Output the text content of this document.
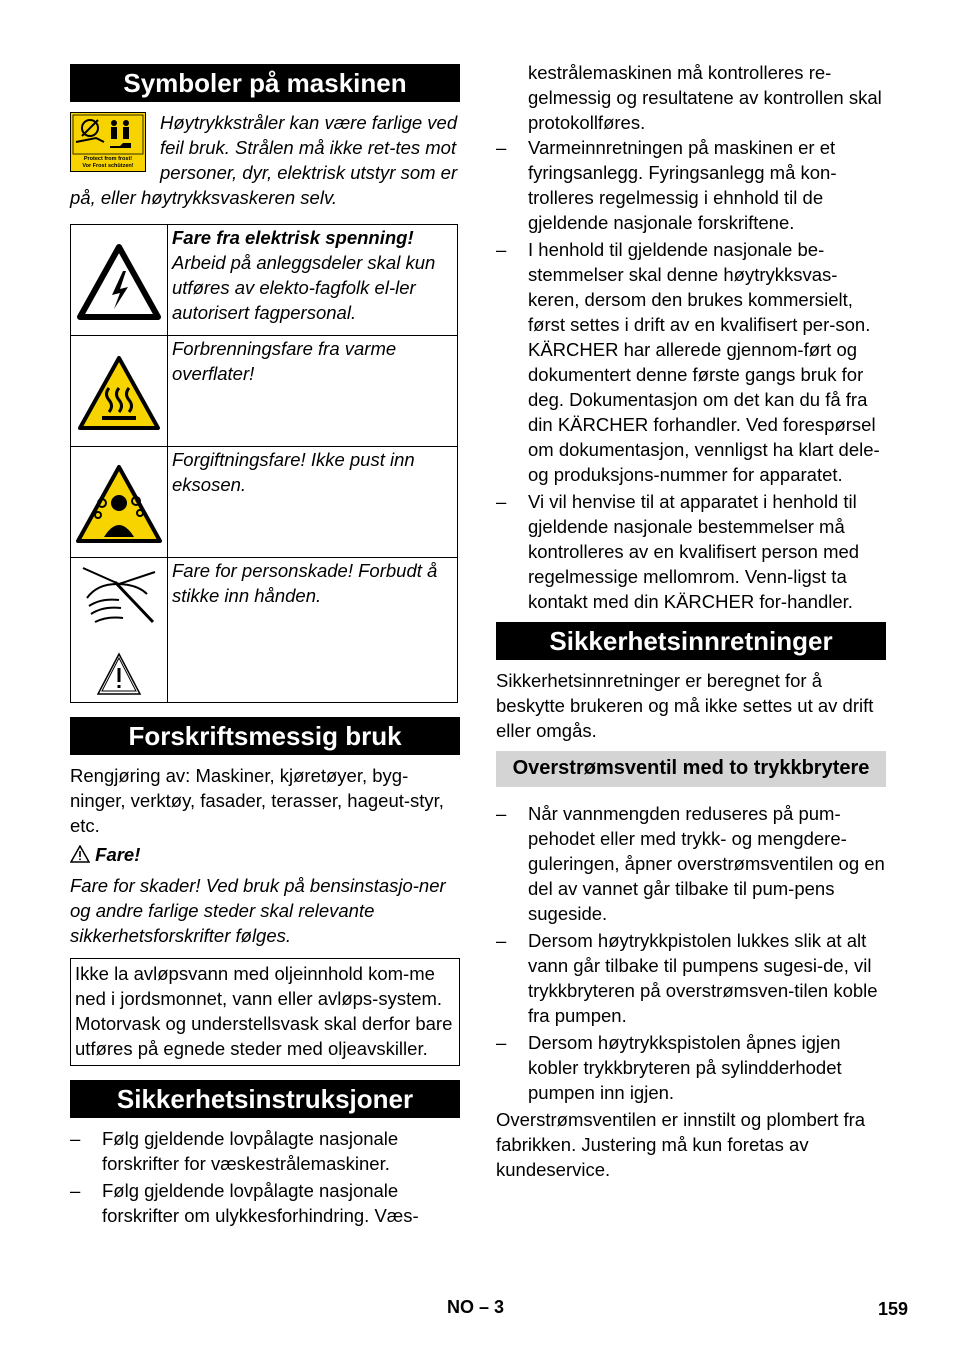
Symboler på maskinen
Protect from frost!
Vor Frost schützen!

Høytrykkstråler kan være farlige ved feil bruk. Strålen må ikke ret-tes mot personer, dyr, elektrisk utstyr som er på, eller høytrykksvaskeren selv.

Fare fra elektrisk spenning!

Arbeid på anleggsdeler skal kun utføres av elekto-fagfolk el-ler autorisert fagpersonal.

Forbrenningsfare fra varme overflater!

Forgiftningsfare! Ikke pust inn eksosen.

Fare for personskade! Forbudt å stikke inn hånden.

Forskriftsmessig bruk

Rengjøring av: Maskiner, kjøretøyer, byg-ninger, verktøy, fasader, terasser, hageut-styr, etc.

Fare!

Fare for skader! Ved bruk på bensinstasjo-ner og andre farlige steder skal relevante sikkerhetsforskrifter følges.

Ikke la avløpsvann med oljeinnhold kom-me ned i jordsmonnet, vann eller avløps-system. Motorvask og understellsvask skal derfor bare utføres på egnede steder med oljeavskiller.

Sikkerhetsinstruksjoner
– Følg gjeldende lovpålagte nasjonale forskrifter for væskestrålemaskiner.
– Følg gjeldende lovpålagte nasjonale forskrifter om ulykkesforhindring. Væs-

kestrålemaskinen må kontrolleres re-gelmessig og resultatene av kontrollen skal protokollføres.

– Varmeinnretningen på maskinen er et fyringsanlegg. Fyringsanlegg må kon-trolleres regelmessig i ehnhold til de gjeldende nasjonale forskriftene.
– I henhold til gjeldende nasjonale be-stemmelser skal denne høytrykksvas-keren, dersom den brukes kommersielt, først settes i drift av en kvalifisert per-son. KÄRCHER har allerede gjennom-ført og dokumentert denne første gangs bruk for deg. Dokumentasjon om det kan du få fra din KÄRCHER forhandler. Ved forespørsel om dokumentasjon, vennligst ha klart dele- og produksjons-nummer for apparatet.
– Vi vil henvise til at apparatet i henhold til gjeldende nasjonale bestemmelser må kontrolleres av en kvalifisert person med regelmessige mellomrom. Venn-ligst ta kontakt med din KÄRCHER for-handler.
Sikkerhetsinnretninger

Sikkerhetsinnretninger er beregnet for å beskytte brukeren og må ikke settes ut av drift eller omgås.

Overstrømsventil med to trykkbrytere
– Når vannmengden reduseres på pum-pehodet eller med trykk- og mengdere-guleringen, åpner overstrømsventilen og en del av vannet går tilbake til pum-pens sugeside.
– Dersom høytrykkpistolen lukkes slik at alt vann går tilbake til pumpens sugesi-de, vil trykkbryteren på overstrømsven-tilen koble fra pumpen.
– Dersom høytrykkspistolen åpnes igjen kobler trykkbryteren på sylindderhodet pumpen inn igjen.

Overstrømsventilen er innstilt og plombert fra fabrikken. Justering må kun foretas av kundeservice.

NO – 3	159
